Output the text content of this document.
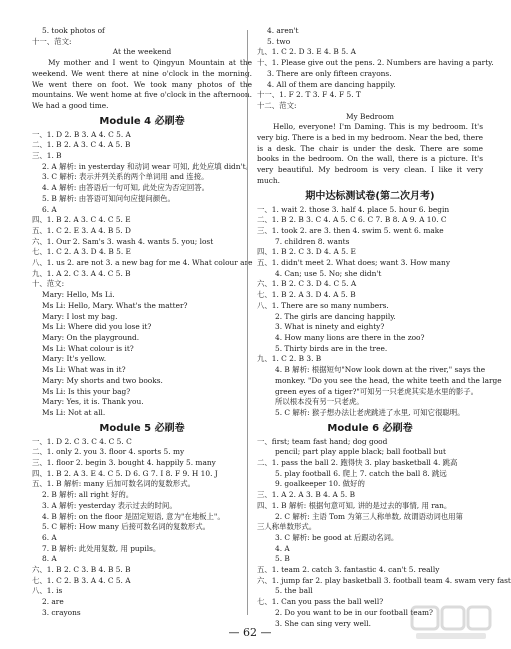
5. took photos of
十一、范文:
At the weekend

My mother and I went to Qingyun Mountain at the weekend. We went there at nine o'clock in the morning. We went there on foot. We took many photos of the mountains. We went home at five o'clock in the afternoon. We had a good time.

Module 4 必刷卷
一、1. D 2. B 3. A 4. C 5. A
二、1. B 2. A 3. C 4. A 5. B
三、1. B
2. A 解析: in yesterday 和动词 wear 可知, 此处应填 didn't。
3. C 解析: 表示并列关系的两个单词用 and 连接。
4. A 解析: 由答语后一句可知, 此处应为否定回答。
5. B 解析: 由答语可知问句应提问颜色。
6. A
四、1. B 2. A 3. C 4. C 5. E
五、1. C 2. E 3. A 4. B 5. D
六、1. Our 2. Sam's 3. wash 4. wants 5. you; lost
七、1. C 2. A 3. D 4. B 5. E
八、1. us 2. are not 3. a new bag for me 4. What colour are
九、1. A 2. C 3. A 4. C 5. B
十、范文:
Mary: Hello, Ms Li.
Ms Li: Hello, Mary. What's the matter?
Mary: I lost my bag.
Ms Li: Where did you lose it?
Mary: On the playground.
Ms Li: What colour is it?
Mary: It's yellow.
Ms Li: What was in it?
Mary: My shorts and two books.
Ms Li: Is this your bag?
Mary: Yes, it is. Thank you.
Ms Li: Not at all.
Module 5 必刷卷
一、1. D 2. C 3. C 4. C 5. C
二、1. only 2. you 3. floor 4. sports 5. my
三、1. floor 2. begin 3. bought 4. happily 5. many
四、1. B 2. A 3. E 4. C 5. D 6. G 7. I 8. F 9. H 10. J
五、1. B 解析: many 后加可数名词的复数形式。
2. B 解析: all right 好的。
3. A 解析: yesterday 表示过去的时间。
4. B 解析: on the floor 是固定短语, 意为"在地板上"。
5. C 解析: How many 后接可数名词的复数形式。
6. A
7. B 解析: 此处用复数, 用 pupils。
8. A
六、1. B 2. C 3. B 4. B 5. B
七、1. C 2. B 3. A 4. C 5. A
八、1. is
2. are
3. crayons
4. aren't
5. two
九、1. C 2. D 3. E 4. B 5. A
十、1. Please give out the pens. 2. Numbers are having a party.
3. There are only fifteen crayons.
4. All of them are dancing happily.
十一、1. F 2. T 3. F 4. F 5. T
十二、范文:
My Bedroom

Hello, everyone! I'm Daming. This is my bedroom. It's very big. There is a bed in my bedroom. Near the bed, there is a desk. The chair is under the desk. There are some books in the bedroom. On the wall, there is a picture. It's very beautiful. My bedroom is very clean. I like it very much.

期中达标测试卷(第二次月考)
一、1. wait 2. those 3. half 4. place 5. hour 6. begin
二、1. B 2. B 3. C 4. A 5. C 6. C 7. B 8. A 9. A 10. C
三、1. took 2. are 3. then 4. swim 5. went 6. make
7. children 8. wants
四、1. B 2. C 3. D 4. A 5. E
五、1. didn't meet 2. What does; want 3. How many
4. Can; use 5. No; she didn't
六、1. B 2. C 3. D 4. C 5. A
七、1. B 2. A 3. D 4. A 5. B
八、1. There are so many numbers.
2. The girls are dancing happily.
3. What is ninety and eighty?
4. How many lions are there in the zoo?
5. Thirty birds are in the tree.
九、1. C 2. B 3. B
4. B 解析: 根据短句"Now look down at the river," says the
monkey. "Do you see the head, the white teeth and the large
green eyes of a tiger?"可知另一只老虎其实是水里的影子。
所以根本没有另一只老虎。
5. C 解析: 猴子想办法让老虎跳进了水里, 可知它很聪明。
Module 6 必刷卷
一、first; team fast hand; dog good
pencil; part play apple black; ball football but
二、1. pass the ball 2. 跑得快 3. play basketball 4. 跳高
5. play football 6. 爬上 7. catch the ball 8. 跳远
9. goalkeeper 10. 做好的
三、1. A 2. A 3. B 4. A 5. B
四、1. B 解析: 根据句意可知, 讲的是过去的事情, 用 ran。
2. C 解析: 主语 Tom 为第三人称单数, 故谓语动词也用第
三人称单数形式。
3. C 解析: be good at 后跟动名词。
4. A
5. B
五、1. team 2. catch 3. fantastic 4. can't 5. really
六、1. jump far 2. play basketball 3. football team 4. swam very fast
5. the ball
七、1. Can you pass the ball well?
2. Do you want to be in our football team?
3. She can sing very well.
— 62 —
